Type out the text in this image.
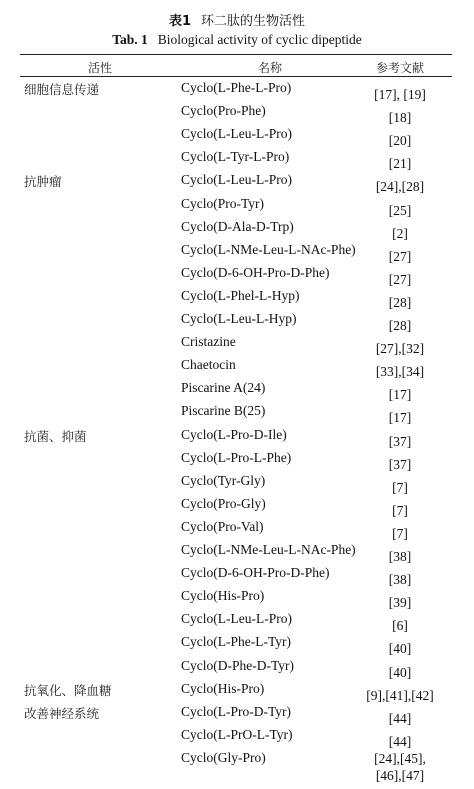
表1 环二肽的生物活性
Tab. 1 Biological activity of cyclic dipeptide
活性	名称	参考文献
细胞信息传递	Cyclo(L-Phe-L-Pro)	[17], [19]
Cyclo(Pro-Phe)	[18]
Cyclo(L-Leu-L-Pro)	[20]
Cyclo(L-Tyr-L-Pro)	[21]
抗肿瘤	Cyclo(L-Leu-L-Pro)	[24],[28]
Cyclo(Pro-Tyr)	[25]
Cyclo(D-Ala-D-Trp)	[2]
Cyclo(L-NMe-Leu-L-NAc-Phe)	[27]
Cyclo(D-6-OH-Pro-D-Phe)	[27]
Cyclo(L-Phel-L-Hyp)	[28]
Cyclo(L-Leu-L-Hyp)	[28]
Cristazine	[27],[32]
Chaetocin	[33],[34]
Piscarine A(24)	[17]
Piscarine B(25)	[17]
抗菌、抑菌	Cyclo(L-Pro-D-Ile)	[37]
Cyclo(L-Pro-L-Phe)	[37]
Cyclo(Tyr-Gly)	[7]
Cyclo(Pro-Gly)	[7]
Cyclo(Pro-Val)	[7]
Cyclo(L-NMe-Leu-L-NAc-Phe)	[38]
Cyclo(D-6-OH-Pro-D-Phe)	[38]
Cyclo(His-Pro)	[39]
Cyclo(L-Leu-L-Pro)	[6]
Cyclo(L-Phe-L-Tyr)	[40]
Cyclo(D-Phe-D-Tyr)	[40]
抗氧化、降血糖	Cyclo(His-Pro)	[9],[41],[42]
改善神经系统	Cyclo(L-Pro-D-Tyr)	[44]
Cyclo(L-PrO-L-Tyr)	[44]
Cyclo(Gly-Pro)	[24],[45], [46],[47]
